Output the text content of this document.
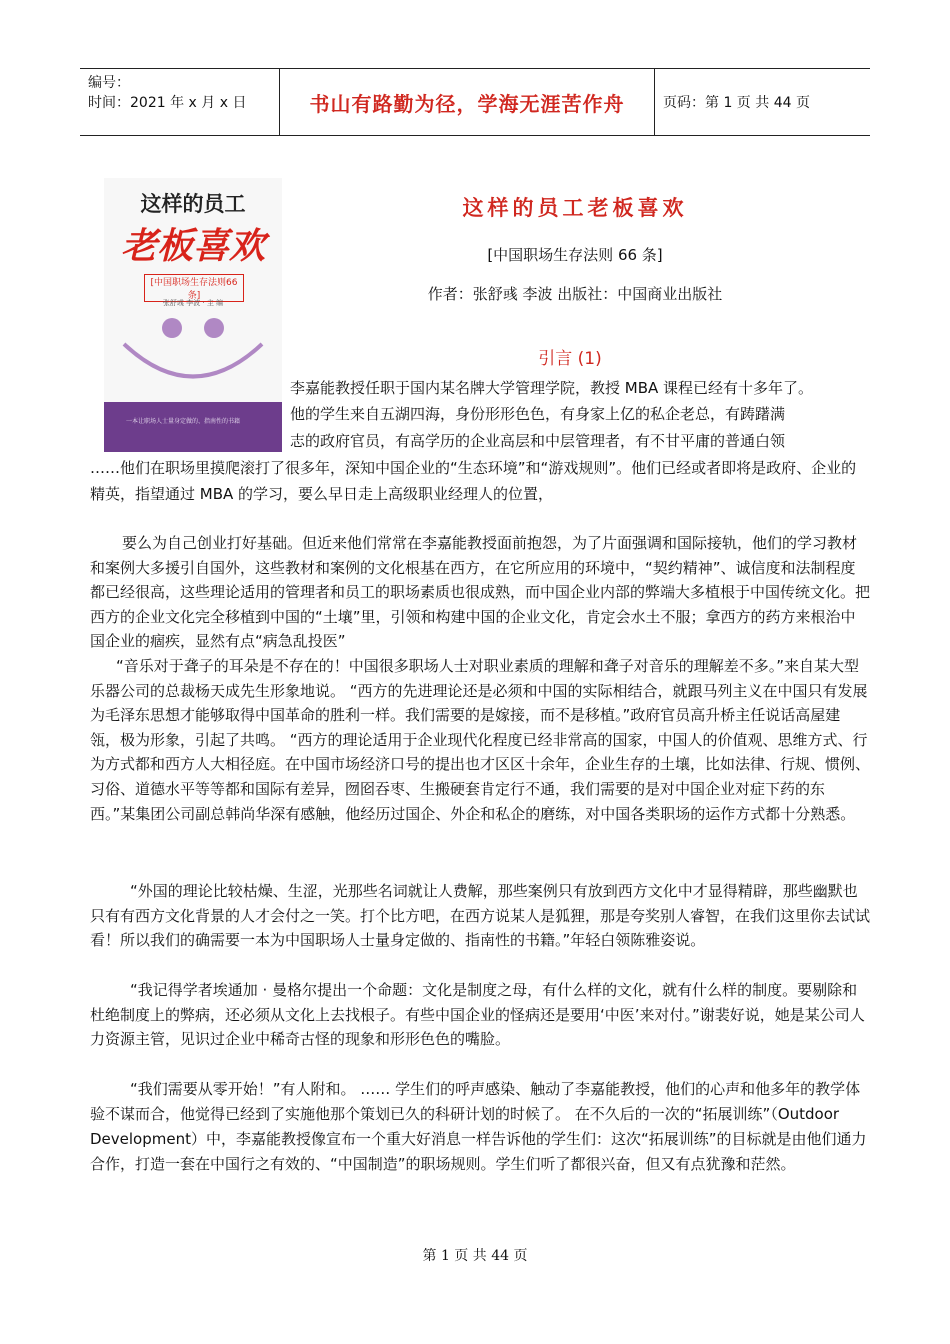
编号：
时间：2021 年 x 月 x 日	书山有路勤为径，学海无涯苦作舟	页码：第 1 页 共 44 页
这样的员工
老板喜欢
[中国职场生存法则66条]
张舒彧 李波 · 主 编
一本让职场人士量身定做的、指南性的书籍
这样的员工老板喜欢
[中国职场生存法则 66 条]
作者：张舒彧 李波 出版社：中国商业出版社
引言 (1)

李嘉能教授任职于国内某名牌大学管理学院，教授 MBA 课程已经有十多年了。

他的学生来自五湖四海，身份形形色色，有身家上亿的私企老总，有踌躇满

志的政府官员，有高学历的企业高层和中层管理者，有不甘平庸的普通白领

……他们在职场里摸爬滚打了很多年，深知中国企业的“生态环境”和“游戏规则”。他们已经或者即将是政府、企业的精英，指望通过 MBA 的学习，要么早日走上高级职业经理人的位置，

要么为自己创业打好基础。但近来他们常常在李嘉能教授面前抱怨，为了片面强调和国际接轨，他们的学习教材和案例大多援引自国外，这些教材和案例的文化根基在西方，在它所应用的环境中，“契约精神”、诚信度和法制程度都已经很高，这些理论适用的管理者和员工的职场素质也很成熟，而中国企业内部的弊端大多植根于中国传统文化。把西方的企业文化完全移植到中国的“土壤”里，引领和构建中国的企业文化，肯定会水土不服；拿西方的药方来根治中国企业的痼疾，显然有点“病急乱投医”

“音乐对于聋子的耳朵是不存在的！中国很多职场人士对职业素质的理解和聋子对音乐的理解差不多。”来自某大型乐器公司的总裁杨天成先生形象地说。 “西方的先进理论还是必须和中国的实际相结合，就跟马列主义在中国只有发展为毛泽东思想才能够取得中国革命的胜利一样。我们需要的是嫁接，而不是移植。”政府官员高升桥主任说话高屋建瓴，极为形象，引起了共鸣。 “西方的理论适用于企业现代化程度已经非常高的国家，中国人的价值观、思维方式、行为方式都和西方人大相径庭。在中国市场经济口号的提出也才区区十余年，企业生存的土壤，比如法律、行规、惯例、习俗、道德水平等等都和国际有差异，囫囵吞枣、生搬硬套肯定行不通，我们需要的是对中国企业对症下药的东西。”某集团公司副总韩尚华深有感触，他经历过国企、外企和私企的磨练，对中国各类职场的运作方式都十分熟悉。

“外国的理论比较枯燥、生涩，光那些名词就让人费解，那些案例只有放到西方文化中才显得精辟，那些幽默也只有有西方文化背景的人才会付之一笑。打个比方吧，在西方说某人是狐狸，那是夸奖别人睿智，在我们这里你去试试看！所以我们的确需要一本为中国职场人士量身定做的、指南性的书籍。”年轻白领陈雅姿说。

“我记得学者埃通加 · 曼格尔提出一个命题：文化是制度之母，有什么样的文化，就有什么样的制度。要剔除和杜绝制度上的弊病，还必须从文化上去找根子。有些中国企业的怪病还是要用‘中医’来对付。”谢裴好说，她是某公司人力资源主管，见识过企业中稀奇古怪的现象和形形色色的嘴脸。

“我们需要从零开始！”有人附和。 …… 学生们的呼声感染、触动了李嘉能教授，他们的心声和他多年的教学体验不谋而合，他觉得已经到了实施他那个策划已久的科研计划的时候了。 在不久后的一次的“拓展训练”（Outdoor Development）中，李嘉能教授像宣布一个重大好消息一样告诉他的学生们：这次“拓展训练”的目标就是由他们通力合作，打造一套在中国行之有效的、“中国制造”的职场规则。学生们听了都很兴奋，但又有点犹豫和茫然。

第 1 页 共 44 页
